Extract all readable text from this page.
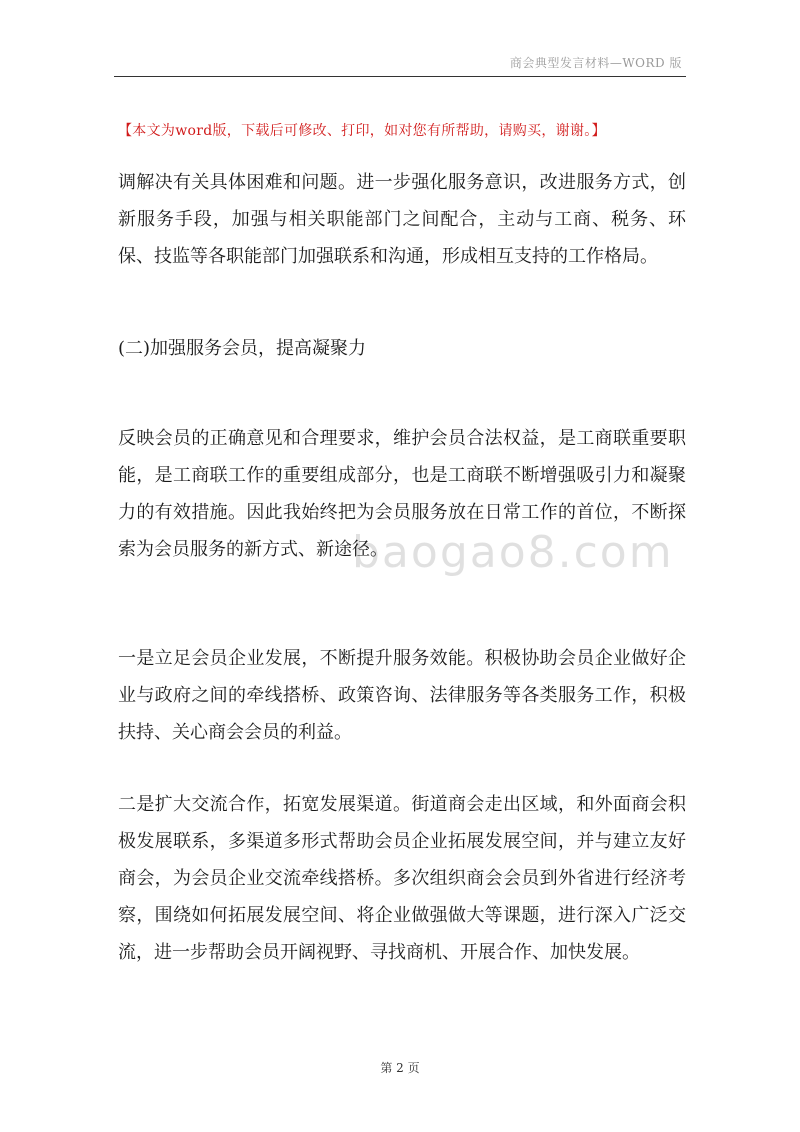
商会典型发言材料—WORD 版
【本文为word版，下载后可修改、打印，如对您有所帮助，请购买，谢谢。】

调解决有关具体困难和问题。进一步强化服务意识，改进服务方式，创新服务手段，加强与相关职能部门之间配合，主动与工商、税务、环保、技监等各职能部门加强联系和沟通，形成相互支持的工作格局。

(二)加强服务会员，提高凝聚力

反映会员的正确意见和合理要求，维护会员合法权益，是工商联重要职能，是工商联工作的重要组成部分，也是工商联不断增强吸引力和凝聚力的有效措施。因此我始终把为会员服务放在日常工作的首位，不断探索为会员服务的新方式、新途径。

一是立足会员企业发展，不断提升服务效能。积极协助会员企业做好企业与政府之间的牵线搭桥、政策咨询、法律服务等各类服务工作，积极扶持、关心商会会员的利益。

二是扩大交流合作，拓宽发展渠道。街道商会走出区域，和外面商会积极发展联系，多渠道多形式帮助会员企业拓展发展空间，并与建立友好商会，为会员企业交流牵线搭桥。多次组织商会会员到外省进行经济考察，围绕如何拓展发展空间、将企业做强做大等课题，进行深入广泛交流，进一步帮助会员开阔视野、寻找商机、开展合作、加快发展。

baogao8.com
第 2 页
